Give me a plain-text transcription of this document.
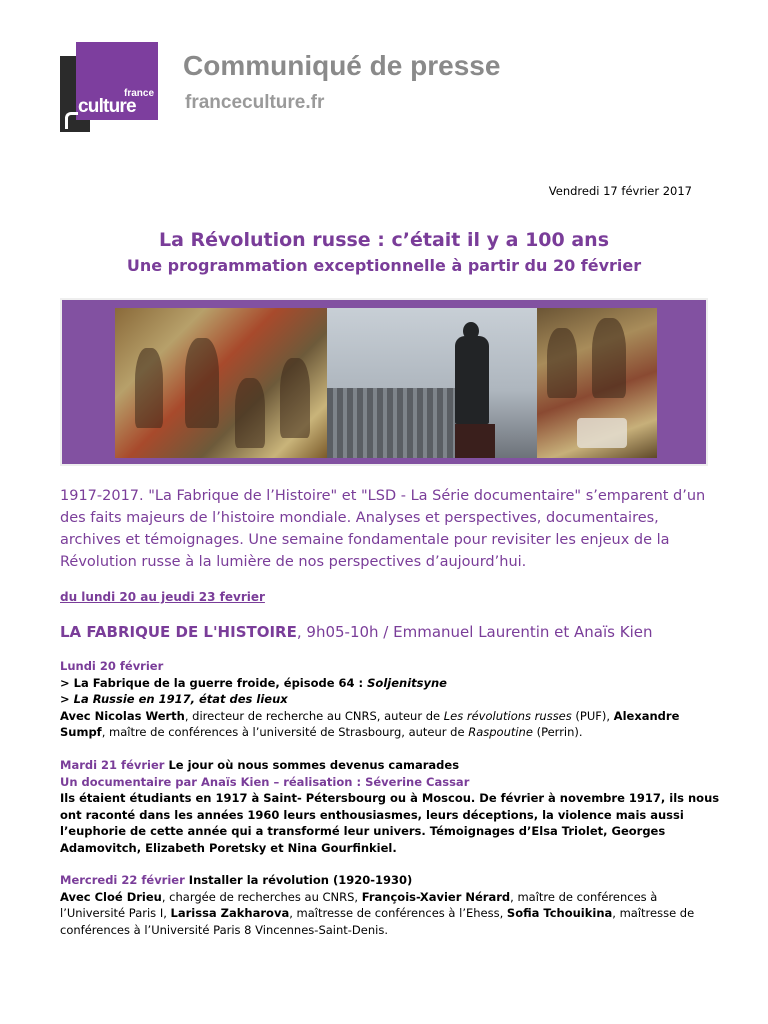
france
culture
Communiqué de presse
franceculture.fr
Vendredi 17 février 2017
La Révolution russe : c’était il y a 100 ans
Une programmation exceptionnelle à partir du 20 février

1917-2017. "La Fabrique de l’Histoire" et "LSD - La Série documentaire" s’emparent d’un des faits majeurs de l’histoire mondiale. Analyses et perspectives, documentaires, archives et témoignages. Une semaine fondamentale pour revisiter les enjeux de la Révolution russe à la lumière de nos perspectives d’aujourd’hui.

du lundi 20 au jeudi 23 fevrier
LA FABRIQUE DE L'HISTOIRE, 9h05-10h / Emmanuel Laurentin et Anaïs Kien

Lundi 20 février

> La Fabrique de la guerre froide, épisode 64 : Soljenitsyne

> La Russie en 1917, état des lieux

Avec Nicolas Werth, directeur de recherche au CNRS, auteur de Les révolutions russes (PUF), Alexandre Sumpf, maître de conférences à l’université de Strasbourg, auteur de Raspoutine (Perrin).

Mardi 21 février Le jour où nous sommes devenus camarades

Un documentaire par Anaïs Kien – réalisation : Séverine Cassar

Ils étaient étudiants en 1917 à Saint- Pétersbourg ou à Moscou. De février à novembre 1917, ils nous ont raconté dans les années 1960 leurs enthousiasmes, leurs déceptions, la violence mais aussi l’euphorie de cette année qui a transformé leur univers. Témoignages d’Elsa Triolet, Georges Adamovitch, Elizabeth Poretsky et Nina Gourfinkiel.

Mercredi 22 février Installer la révolution (1920-1930)

Avec Cloé Drieu, chargée de recherches au CNRS, François-Xavier Nérard, maître de conférences à l’Université Paris I, Larissa Zakharova, maîtresse de conférences à l’Ehess, Sofia Tchouikina, maîtresse de conférences à l’Université Paris 8 Vincennes-Saint-Denis.
